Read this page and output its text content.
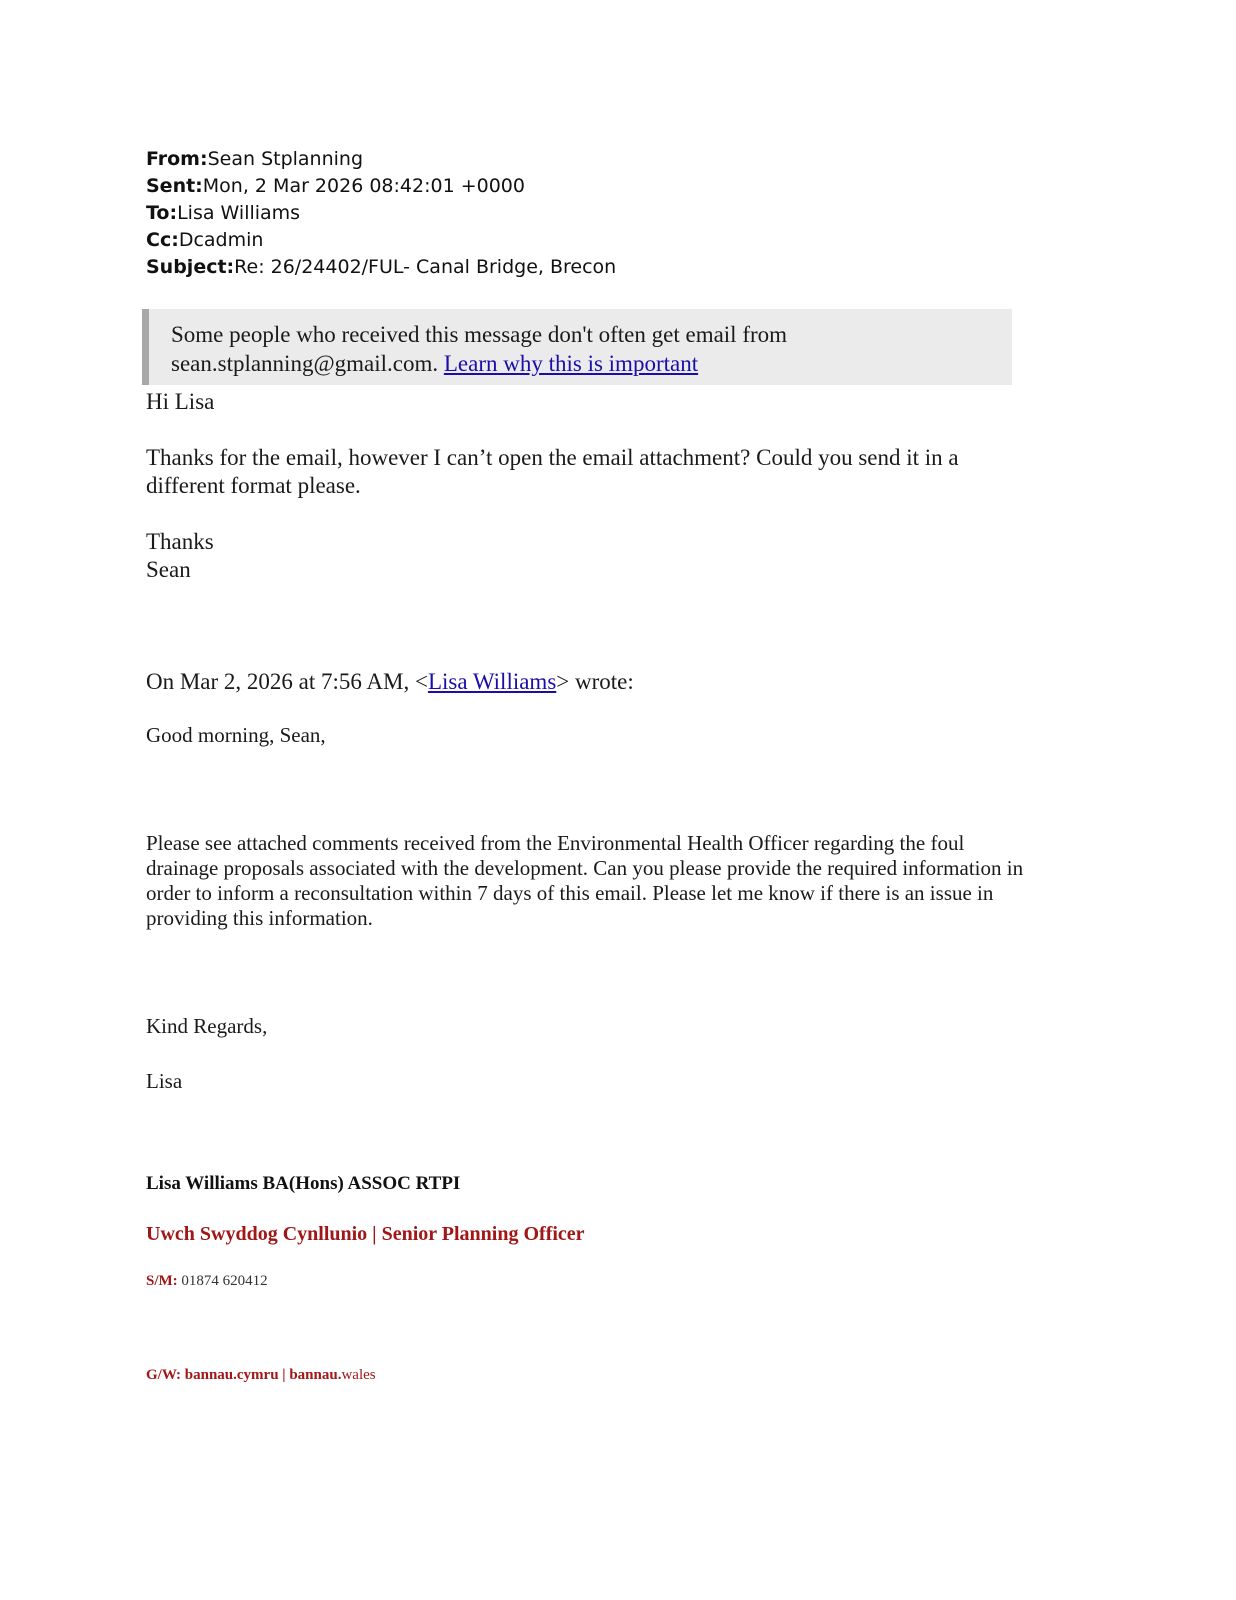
From:Sean Stplanning
Sent:Mon, 2 Mar 2026 08:42:01 +0000
To:Lisa Williams
Cc:Dcadmin
Subject:Re: 26/24402/FUL- Canal Bridge, Brecon
Some people who received this message don't often get email from
sean.stplanning@gmail.com. Learn why this is important
Hi Lisa
Thanks for the email, however I can’t open the email attachment? Could you send it in a
different format please.
Thanks
Sean
On Mar 2, 2026 at 7:56 AM, <Lisa Williams> wrote:
Good morning, Sean,
Please see attached comments received from the Environmental Health Officer regarding the foul
drainage proposals associated with the development. Can you please provide the required information in
order to inform a reconsultation within 7 days of this email. Please let me know if there is an issue in
providing this information.
Kind Regards,
Lisa
Lisa Williams BA(Hons) ASSOC RTPI
Uwch Swyddog Cynllunio | Senior Planning Officer
S/M: 01874 620412
G/W: bannau.cymru | bannau.wales
